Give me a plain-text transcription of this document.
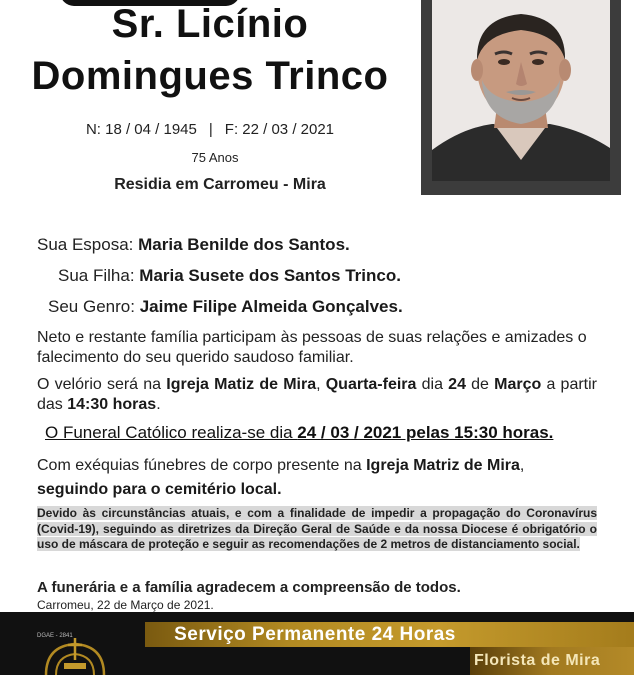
Sr. Licínio
Domingues Trinco
N: 18 / 04 / 1945 | F: 22 / 03 / 2021
75 Anos
Residia em Carromeu - Mira
Sua Esposa: Maria Benilde dos Santos.
Sua Filha: Maria Susete dos Santos Trinco.
Seu Genro: Jaime Filipe Almeida Gonçalves.
Neto e restante família participam às pessoas de suas relações e amizades o falecimento do seu querido saudoso familiar.
O velório será na Igreja Matiz de Mira, Quarta-feira dia 24 de Março a partir das 14:30 horas.
O Funeral Católico realiza-se dia 24 / 03 / 2021 pelas 15:30 horas.
Com exéquias fúnebres de corpo presente na Igreja Matriz de Mira,
seguindo para o cemitério local.
Devido às circunstâncias atuais, e com a finalidade de impedir a propagação do Coronavírus (Covid-19), seguindo as diretrizes da Direção Geral de Saúde e da nossa Diocese é obrigatório o uso de máscara de proteção e seguir as recomendações de 2 metros de distanciamento social.
A funerária e a família agradecem a compreensão de todos.
Carromeu, 22 de Março de 2021.
DGAE - 2841	Serviço Permanente 24 Horas
Florista de Mira
